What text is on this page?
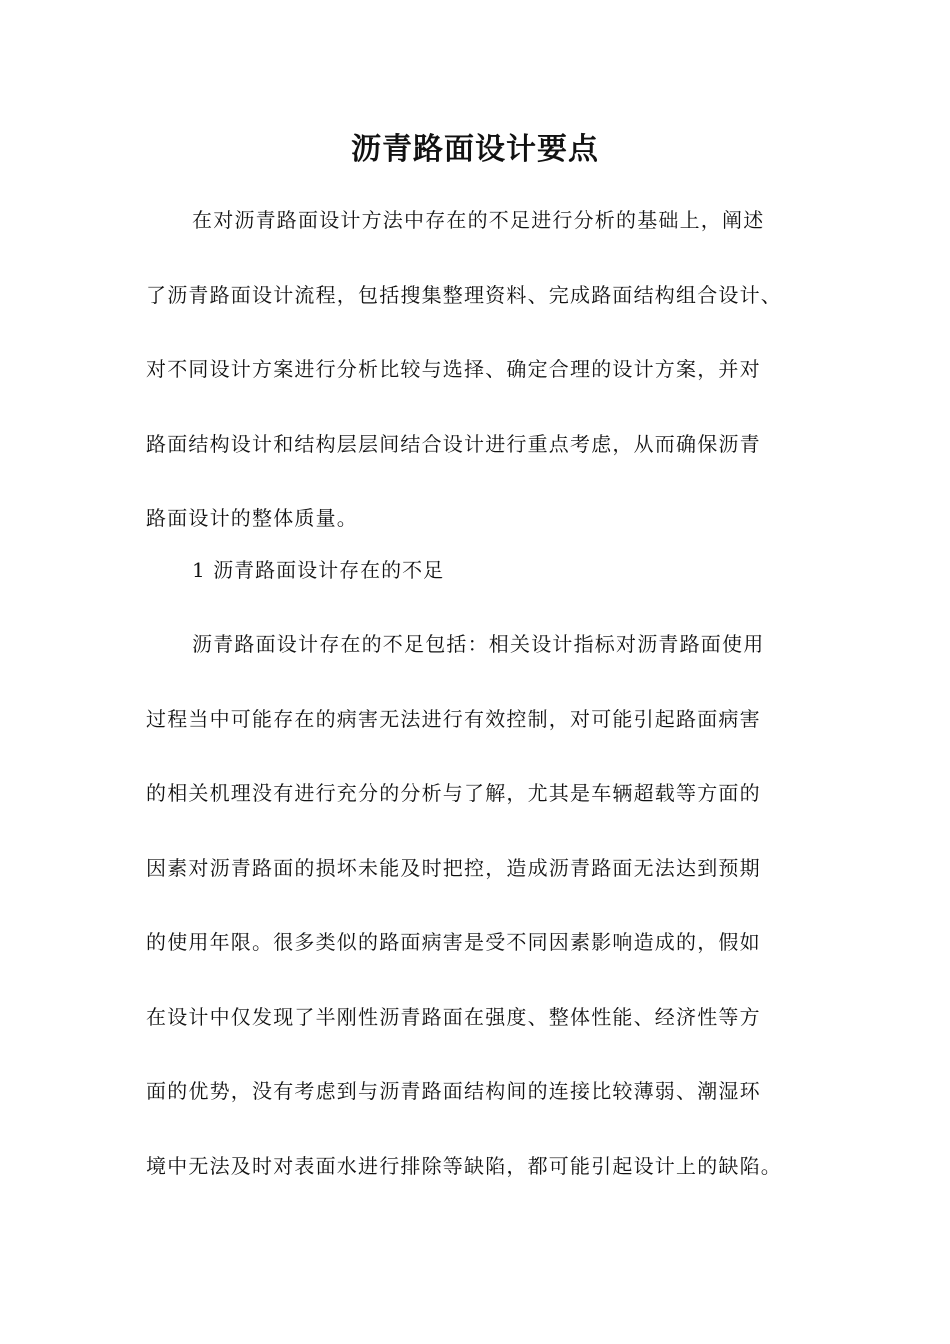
沥青路面设计要点
在对沥青路面设计方法中存在的不足进行分析的基础上，阐述
了沥青路面设计流程，包括搜集整理资料、完成路面结构组合设计、
对不同设计方案进行分析比较与选择、确定合理的设计方案，并对
路面结构设计和结构层层间结合设计进行重点考虑，从而确保沥青
路面设计的整体质量。
1 沥青路面设计存在的不足
沥青路面设计存在的不足包括：相关设计指标对沥青路面使用
过程当中可能存在的病害无法进行有效控制，对可能引起路面病害
的相关机理没有进行充分的分析与了解，尤其是车辆超载等方面的
因素对沥青路面的损坏未能及时把控，造成沥青路面无法达到预期
的使用年限。很多类似的路面病害是受不同因素影响造成的，假如
在设计中仅发现了半刚性沥青路面在强度、整体性能、经济性等方
面的优势，没有考虑到与沥青路面结构间的连接比较薄弱、潮湿环
境中无法及时对表面水进行排除等缺陷，都可能引起设计上的缺陷。
